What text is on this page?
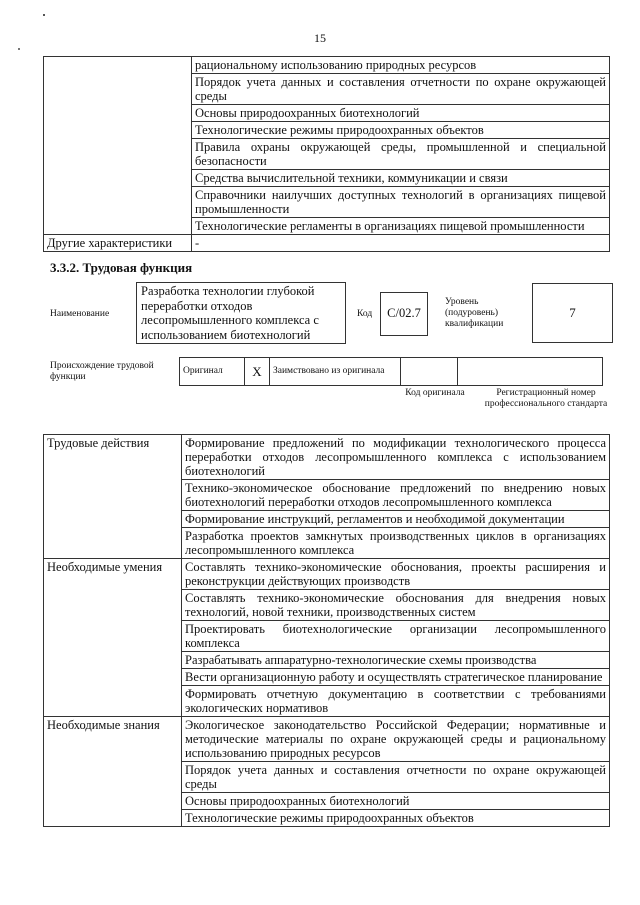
15
	рациональному использованию природных ресурсов
	Порядок учета данных и составления отчетности по охране окружающей среды
	Основы природоохранных биотехнологий
	Технологические режимы природоохранных объектов
	Правила охраны окружающей среды, промышленной и специальной безопасности
	Средства вычислительной техники, коммуникации и связи
	Справочники наилучших доступных технологий в организациях пищевой промышленности
	Технологические регламенты в организациях пищевой промышленности
Другие характеристики	-
3.3.2. Трудовая функция
Наименование
Разработка технологии глубокой переработки отходов лесопромышленного комплекса с использованием биотехнологий
Код	С/02.7
Уровень (подуровень) квалификации
7
Происхождение трудовой функции
Оригинал	X	Заимствовано из оригинала		
Код оригинала	Регистрационный номер профессионального стандарта
Трудовые действия	Формирование предложений по модификации технологического процесса переработки отходов лесопромышленного комплекса с использованием биотехнологий
	Технико-экономическое обоснование предложений по внедрению новых биотехнологий переработки отходов лесопромышленного комплекса
	Формирование инструкций, регламентов и необходимой документации
	Разработка проектов замкнутых производственных циклов в организациях лесопромышленного комплекса
Необходимые умения	Составлять технико-экономические обоснования, проекты расширения и реконструкции действующих производств
	Составлять технико-экономические обоснования для внедрения новых технологий, новой техники, производственных систем
	Проектировать биотехнологические организации лесопромышленного комплекса
	Разрабатывать аппаратурно-технологические схемы производства
	Вести организационную работу и осуществлять стратегическое планирование
	Формировать отчетную документацию в соответствии с требованиями экологических нормативов
Необходимые знания	Экологическое законодательство Российской Федерации; нормативные и методические материалы по охране окружающей среды и рациональному использованию природных ресурсов
	Порядок учета данных и составления отчетности по охране окружающей среды
	Основы природоохранных биотехнологий
	Технологические режимы природоохранных объектов
